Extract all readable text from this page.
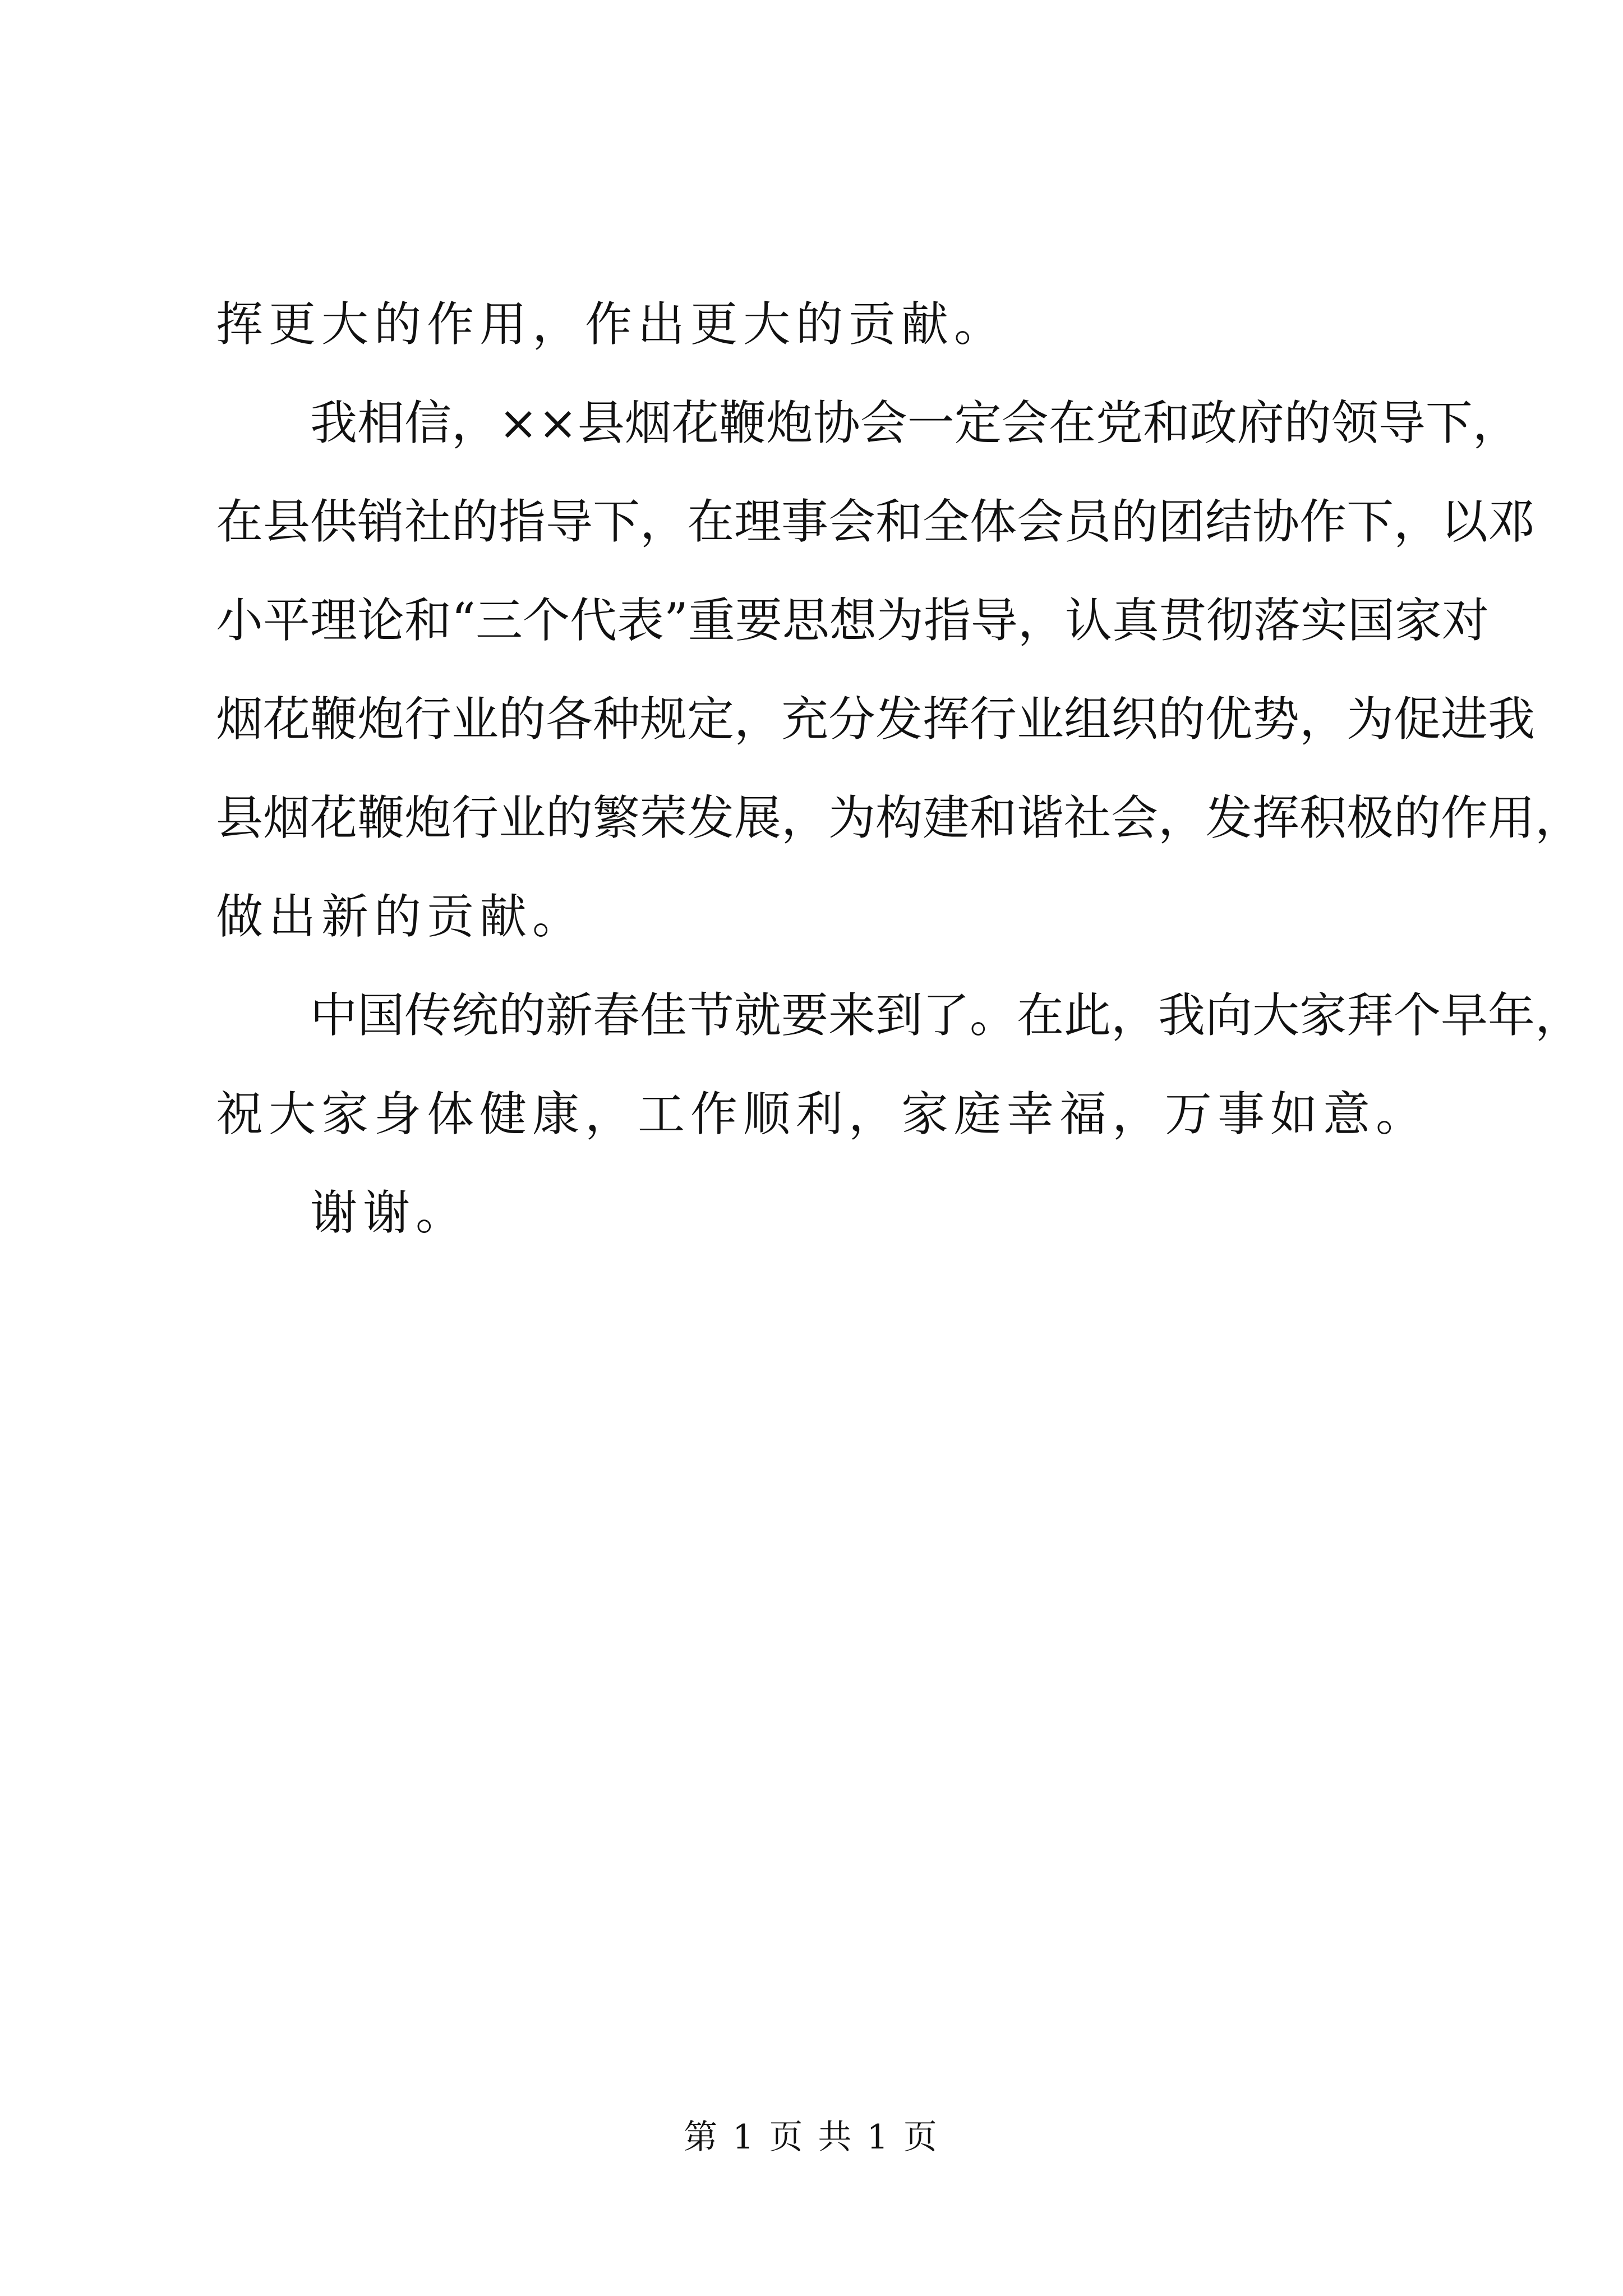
挥更大的作用，作出更大的贡献。
我相信，××县烟花鞭炮协会一定会在党和政府的领导下，
在县供销社的指导下，在理事会和全体会员的团结协作下，以邓
小平理论和“三个代表”重要思想为指导，认真贯彻落实国家对
烟花鞭炮行业的各种规定，充分发挥行业组织的优势，为促进我
县烟花鞭炮行业的繁荣发展，为构建和谐社会，发挥积极的作用，
做出新的贡献。
中国传统的新春佳节就要来到了。在此，我向大家拜个早年，
祝大家身体健康，工作顺利，家庭幸福，万事如意。
谢谢。
第 1 页 共 1 页
